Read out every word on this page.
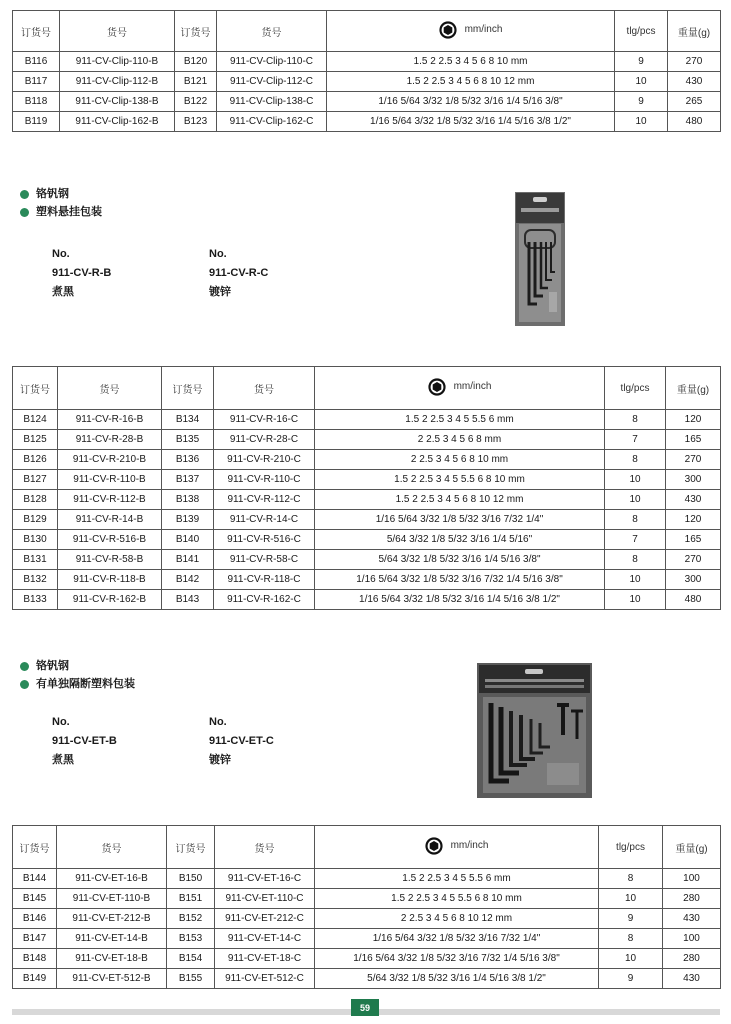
订货号	货号	订货号	货号	mm/inch	tlg/pcs	重量(g)
B116	911-CV-Clip-110-B	B120	911-CV-Clip-110-C	1.5 2 2.5 3 4 5 6 8 10 mm	9	270
B117	911-CV-Clip-112-B	B121	911-CV-Clip-112-C	1.5 2 2.5 3 4 5 6 8 10 12 mm	10	430
B118	911-CV-Clip-138-B	B122	911-CV-Clip-138-C	1/16 5/64 3/32 1/8 5/32 3/16 1/4 5/16 3/8"	9	265
B119	911-CV-Clip-162-B	B123	911-CV-Clip-162-C	1/16 5/64 3/32 1/8 5/32 3/16 1/4 5/16 3/8 1/2"	10	480
铬钒钢
塑料悬挂包装
No.
911-CV-R-B
煮黑
No.
911-CV-R-C
镀锌
订货号	货号	订货号	货号	mm/inch	tlg/pcs	重量(g)
B124	911-CV-R-16-B	B134	911-CV-R-16-C	1.5 2 2.5 3 4 5 5.5 6 mm	8	120
B125	911-CV-R-28-B	B135	911-CV-R-28-C	2 2.5 3 4 5 6 8 mm	7	165
B126	911-CV-R-210-B	B136	911-CV-R-210-C	2 2.5 3 4 5 6 8 10 mm	8	270
B127	911-CV-R-110-B	B137	911-CV-R-110-C	1.5 2 2.5 3 4 5 5.5 6 8 10 mm	10	300
B128	911-CV-R-112-B	B138	911-CV-R-112-C	1.5 2 2.5 3 4 5 6 8 10 12 mm	10	430
B129	911-CV-R-14-B	B139	911-CV-R-14-C	1/16 5/64 3/32 1/8 5/32 3/16 7/32 1/4"	8	120
B130	911-CV-R-516-B	B140	911-CV-R-516-C	5/64 3/32 1/8 5/32 3/16 1/4 5/16"	7	165
B131	911-CV-R-58-B	B141	911-CV-R-58-C	5/64 3/32 1/8 5/32 3/16 1/4 5/16 3/8"	8	270
B132	911-CV-R-118-B	B142	911-CV-R-118-C	1/16 5/64 3/32 1/8 5/32 3/16 7/32 1/4 5/16 3/8"	10	300
B133	911-CV-R-162-B	B143	911-CV-R-162-C	1/16 5/64 3/32 1/8 5/32 3/16 1/4 5/16 3/8 1/2"	10	480
铬钒钢
有单独隔断塑料包装
No.
911-CV-ET-B
煮黑
No.
911-CV-ET-C
镀锌
订货号	货号	订货号	货号	mm/inch	tlg/pcs	重量(g)
B144	911-CV-ET-16-B	B150	911-CV-ET-16-C	1.5 2 2.5 3 4 5 5.5 6 mm	8	100
B145	911-CV-ET-110-B	B151	911-CV-ET-110-C	1.5 2 2.5 3 4 5 5.5 6 8 10 mm	10	280
B146	911-CV-ET-212-B	B152	911-CV-ET-212-C	2 2.5 3 4 5 6 8 10 12 mm	9	430
B147	911-CV-ET-14-B	B153	911-CV-ET-14-C	1/16 5/64 3/32 1/8 5/32 3/16 7/32 1/4"	8	100
B148	911-CV-ET-18-B	B154	911-CV-ET-18-C	1/16 5/64 3/32 1/8 5/32 3/16 7/32 1/4 5/16 3/8"	10	280
B149	911-CV-ET-512-B	B155	911-CV-ET-512-C	5/64 3/32 1/8 5/32 3/16 1/4 5/16 3/8 1/2"	9	430
59
